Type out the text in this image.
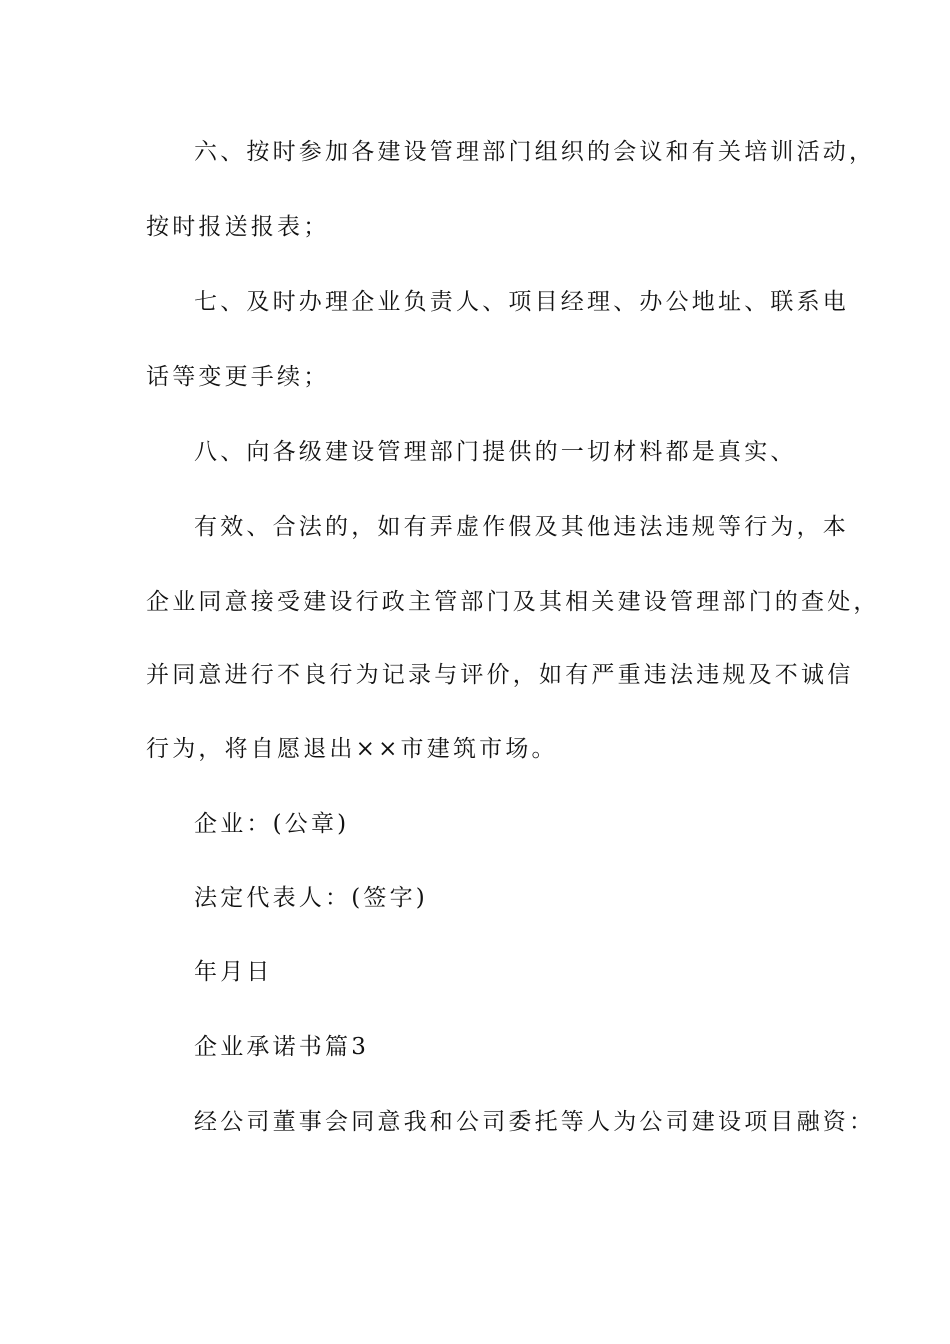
六、按时参加各建设管理部门组织的会议和有关培训活动，
按时报送报表；
七、及时办理企业负责人、项目经理、办公地址、联系电
话等变更手续；
八、向各级建设管理部门提供的一切材料都是真实、
有效、合法的，如有弄虚作假及其他违法违规等行为，本
企业同意接受建设行政主管部门及其相关建设管理部门的查处，
并同意进行不良行为记录与评价，如有严重违法违规及不诚信
行为，将自愿退出××市建筑市场。
企业：(公章)
法定代表人：(签字)
年月日
企业承诺书篇3
经公司董事会同意我和公司委托等人为公司建设项目融资：
